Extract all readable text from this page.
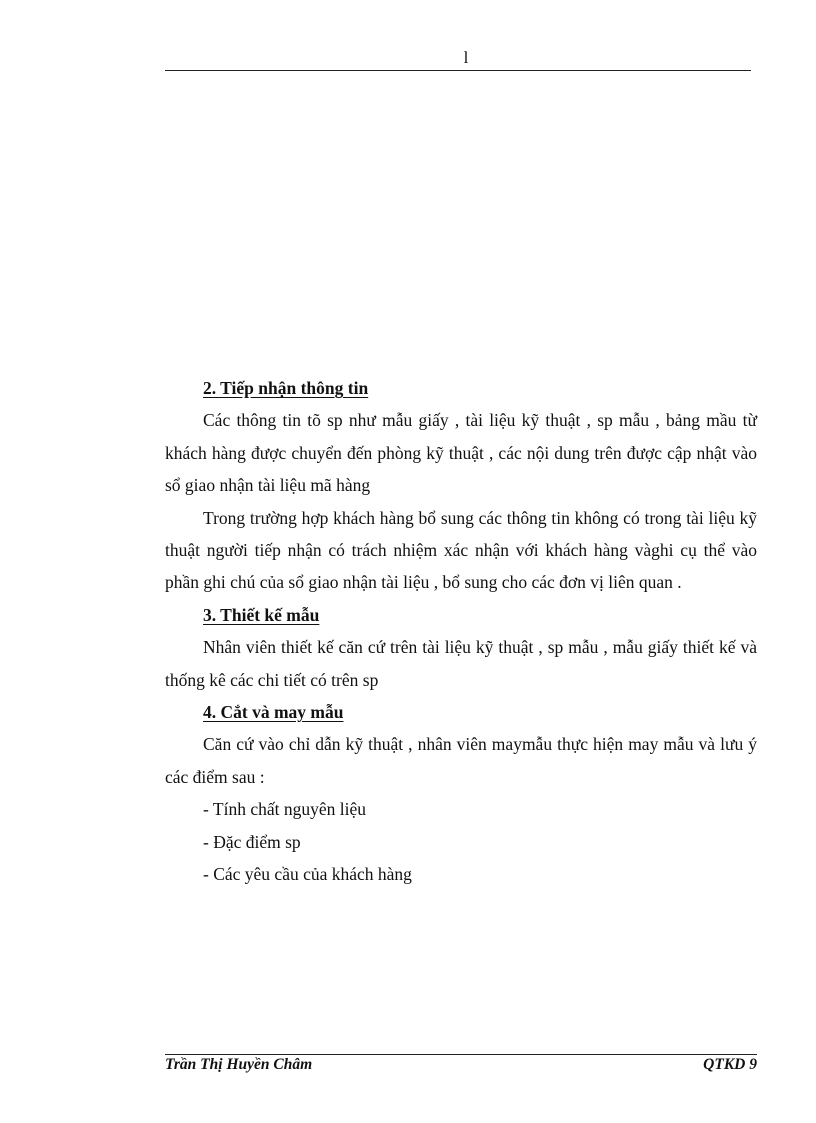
l

2. Tiếp nhận thông tin

Các thông tin tõ sp như mẫu giấy , tài liệu kỹ thuật , sp mẫu , bảng mầu từ khách hàng được chuyển đến phòng kỹ thuật , các nội dung trên được cập nhật vào sổ giao nhận tài liệu mã hàng

Trong trường hợp khách hàng bổ sung các thông tin không có trong tài liệu kỹ thuật người tiếp nhận có trách nhiệm xác nhận với khách hàng vàghi cụ thể vào phần ghi chú của sổ giao nhận tài liệu , bổ sung cho các đơn vị liên quan .

3. Thiết kế mẫu

Nhân viên thiết kế căn cứ trên tài liệu kỹ thuật , sp mẫu , mẫu giấy thiết kế và thống kê các chi tiết có trên sp

4. Cắt và may mẫu

Căn cứ vào chỉ dẫn kỹ thuật , nhân viên maymẫu thực hiện may mẫu và lưu ý các điểm sau :

- Tính chất nguyên liệu

- Đặc điểm sp

- Các yêu cầu của khách hàng

Trần Thị Huyền Châm	QTKD 9
